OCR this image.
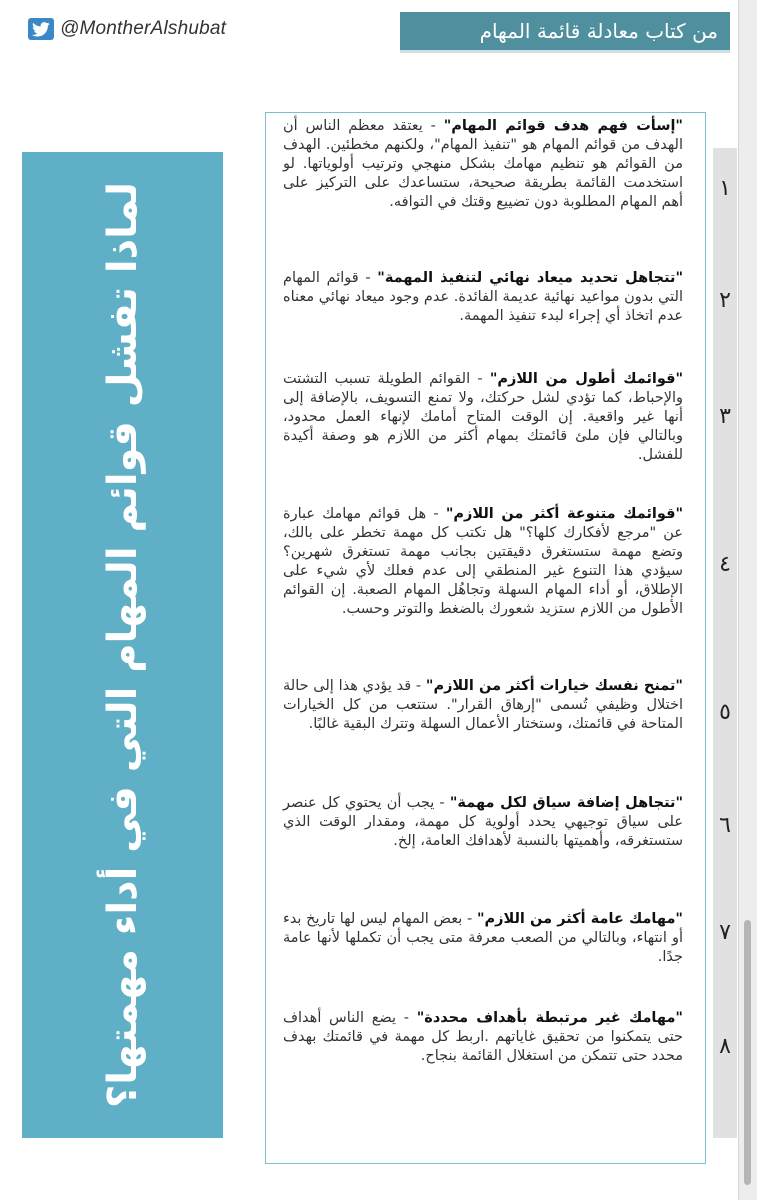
@MontherAlshubat	من كتاب معادلة قائمة المهام
لماذا تفشل قوائم المهام التي في أداء مهمتها؟	١
٢
٣
٤
٥
٦
٧
٨
"إسأت فهم هدف قوائم المهام" - يعتقد معظم الناس أن الهدف من قوائم المهام هو "تنفيذ المهام"، ولكنهم مخطئين. الهدف من القوائم هو تنظيم مهامك بشكل منهجي وترتيب أولوياتها. لو استخدمت القائمة بطريقة صحيحة، ستساعدك على التركيز على أهم المهام المطلوبة دون تضييع وقتك في التوافه.
"تتجاهل تحديد ميعاد نهائي لتنفيذ المهمة" - قوائم المهام التي بدون مواعيد نهائية عديمة الفائدة. عدم وجود ميعاد نهائي معناه عدم اتخاذ أي إجراء لبدء تنفيذ المهمة.
"قوائمك أطول من اللازم" - القوائم الطويلة تسبب التشتت والإحباط، كما تؤدي لشل حركتك، ولا تمنع التسويف، بالإضافة إلى أنها غير واقعية. إن الوقت المتاح أمامك لإنهاء العمل محدود، وبالتالي فإن ملئ قائمتك بمهام أكثر من اللازم هو وصفة أكيدة للفشل.
"قوائمك متنوعة أكثر من اللازم" - هل قوائم مهامك عبارة عن "مرجع لأفكارك كلها؟" هل تكتب كل مهمة تخطر على بالك، وتضع مهمة ستستغرق دقيقتين بجانب مهمة تستغرق شهرين؟ سيؤدي هذا التنوع غير المنطقي إلى عدم فعلك لأي شيء على الإطلاق، أو أداء المهام السهلة وتجاهُل المهام الصعبة. إن القوائم الأطول من اللازم ستزيد شعورك بالضغط والتوتر وحسب.
"تمنح نفسك خيارات أكثر من اللازم" - قد يؤدي هذا إلى حالة اختلال وظيفي تُسمى "إرهاق القرار". ستتعب من كل الخيارات المتاحة في قائمتك، وستختار الأعمال السهلة وتترك البقية غالبًا.
"تتجاهل إضافة سياق لكل مهمة" - يجب أن يحتوي كل عنصر على سياق توجيهي يحدد أولوية كل مهمة، ومقدار الوقت الذي ستستغرقه، وأهميتها بالنسبة لأهدافك العامة، إلخ.
"مهامك عامة أكثر من اللازم" - بعض المهام ليس لها تاريخ بدء أو انتهاء، وبالتالي من الصعب معرفة متى يجب أن تكملها لأنها عامة جدًا.
"مهامك غير مرتبطة بأهداف محددة" - يضع الناس أهداف حتى يتمكنوا من تحقيق غاياتهم .اربط كل مهمة في قائمتك بهدف محدد حتى تتمكن من استغلال القائمة بنجاح.
